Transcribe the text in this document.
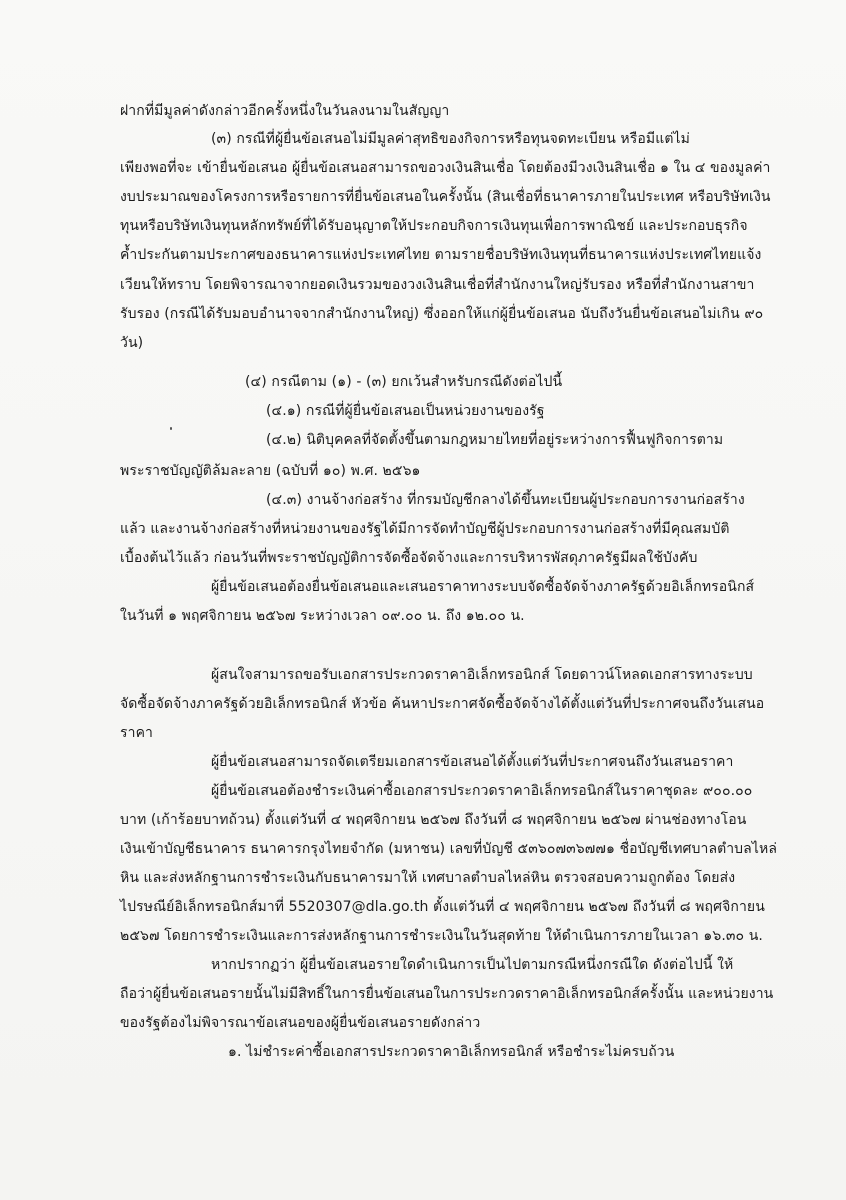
ฝากที่มีมูลค่าดังกล่าวอีกครั้งหนึ่งในวันลงนามในสัญญา
(๓) กรณีที่ผู้ยื่นข้อเสนอไม่มีมูลค่าสุทธิของกิจการหรือทุนจดทะเบียน หรือมีแต่ไม่
เพียงพอที่จะ เข้ายื่นข้อเสนอ ผู้ยื่นข้อเสนอสามารถขอวงเงินสินเชื่อ โดยต้องมีวงเงินสินเชื่อ ๑ ใน ๔ ของมูลค่า
งบประมาณของโครงการหรือรายการที่ยื่นข้อเสนอในครั้งนั้น (สินเชื่อที่ธนาคารภายในประเทศ หรือบริษัทเงิน
ทุนหรือบริษัทเงินทุนหลักทรัพย์ที่ได้รับอนุญาตให้ประกอบกิจการเงินทุนเพื่อการพาณิชย์ และประกอบธุรกิจ
ค้ำประกันตามประกาศของธนาคารแห่งประเทศไทย ตามรายชื่อบริษัทเงินทุนที่ธนาคารแห่งประเทศไทยแจ้ง
เวียนให้ทราบ โดยพิจารณาจากยอดเงินรวมของวงเงินสินเชื่อที่สำนักงานใหญ่รับรอง หรือที่สำนักงานสาขา
รับรอง (กรณีได้รับมอบอำนาจจากสำนักงานใหญ่) ซึ่งออกให้แก่ผู้ยื่นข้อเสนอ นับถึงวันยื่นข้อเสนอไม่เกิน ๙๐
วัน)
(๔) กรณีตาม (๑) - (๓) ยกเว้นสำหรับกรณีดังต่อไปนี้
(๔.๑) กรณีที่ผู้ยื่นข้อเสนอเป็นหน่วยงานของรัฐ
(๔.๒) นิติบุคคลที่จัดตั้งขึ้นตามกฎหมายไทยที่อยู่ระหว่างการฟื้นฟูกิจการตาม
พระราชบัญญัติล้มละลาย (ฉบับที่ ๑๐) พ.ศ. ๒๕๖๑
(๔.๓) งานจ้างก่อสร้าง ที่กรมบัญชีกลางได้ขึ้นทะเบียนผู้ประกอบการงานก่อสร้าง
แล้ว และงานจ้างก่อสร้างที่หน่วยงานของรัฐได้มีการจัดทำบัญชีผู้ประกอบการงานก่อสร้างที่มีคุณสมบัติ
เบื้องต้นไว้แล้ว ก่อนวันที่พระราชบัญญัติการจัดซื้อจัดจ้างและการบริหารพัสดุภาครัฐมีผลใช้บังคับ
ผู้ยื่นข้อเสนอต้องยื่นข้อเสนอและเสนอราคาทางระบบจัดซื้อจัดจ้างภาครัฐด้วยอิเล็กทรอนิกส์
ในวันที่ ๑ พฤศจิกายน ๒๕๖๗ ระหว่างเวลา ๐๙.๐๐ น. ถึง ๑๒.๐๐ น.
ผู้สนใจสามารถขอรับเอกสารประกวดราคาอิเล็กทรอนิกส์ โดยดาวน์โหลดเอกสารทางระบบ
จัดซื้อจัดจ้างภาครัฐด้วยอิเล็กทรอนิกส์ หัวข้อ ค้นหาประกาศจัดซื้อจัดจ้างได้ตั้งแต่วันที่ประกาศจนถึงวันเสนอ
ราคา
ผู้ยื่นข้อเสนอสามารถจัดเตรียมเอกสารข้อเสนอได้ตั้งแต่วันที่ประกาศจนถึงวันเสนอราคา
ผู้ยื่นข้อเสนอต้องชำระเงินค่าซื้อเอกสารประกวดราคาอิเล็กทรอนิกส์ในราคาชุดละ ๙๐๐.๐๐
บาท (เก้าร้อยบาทถ้วน) ตั้งแต่วันที่ ๔ พฤศจิกายน ๒๕๖๗ ถึงวันที่ ๘ พฤศจิกายน ๒๕๖๗ ผ่านช่องทางโอน
เงินเข้าบัญชีธนาคาร ธนาคารกรุงไทยจำกัด (มหาชน) เลขที่บัญชี ๕๓๖๐๗๓๖๗๗๑ ชื่อบัญชีเทศบาลตำบลไหล่
หิน และส่งหลักฐานการชำระเงินกับธนาคารมาให้ เทศบาลตำบลไหล่หิน ตรวจสอบความถูกต้อง โดยส่ง
ไปรษณีย์อิเล็กทรอนิกส์มาที่ 5520307@dla.go.th ตั้งแต่วันที่ ๔ พฤศจิกายน ๒๕๖๗ ถึงวันที่ ๘ พฤศจิกายน
๒๕๖๗ โดยการชำระเงินและการส่งหลักฐานการชำระเงินในวันสุดท้าย ให้ดำเนินการภายในเวลา ๑๖.๓๐ น.
หากปรากฏว่า ผู้ยื่นข้อเสนอรายใดดำเนินการเป็นไปตามกรณีหนึ่งกรณีใด ดังต่อไปนี้ ให้
ถือว่าผู้ยื่นข้อเสนอรายนั้นไม่มีสิทธิ์ในการยื่นข้อเสนอในการประกวดราคาอิเล็กทรอนิกส์ครั้งนั้น และหน่วยงาน
ของรัฐต้องไม่พิจารณาข้อเสนอของผู้ยื่นข้อเสนอรายดังกล่าว
๑. ไม่ชำระค่าซื้อเอกสารประกวดราคาอิเล็กทรอนิกส์ หรือชำระไม่ครบถ้วน
